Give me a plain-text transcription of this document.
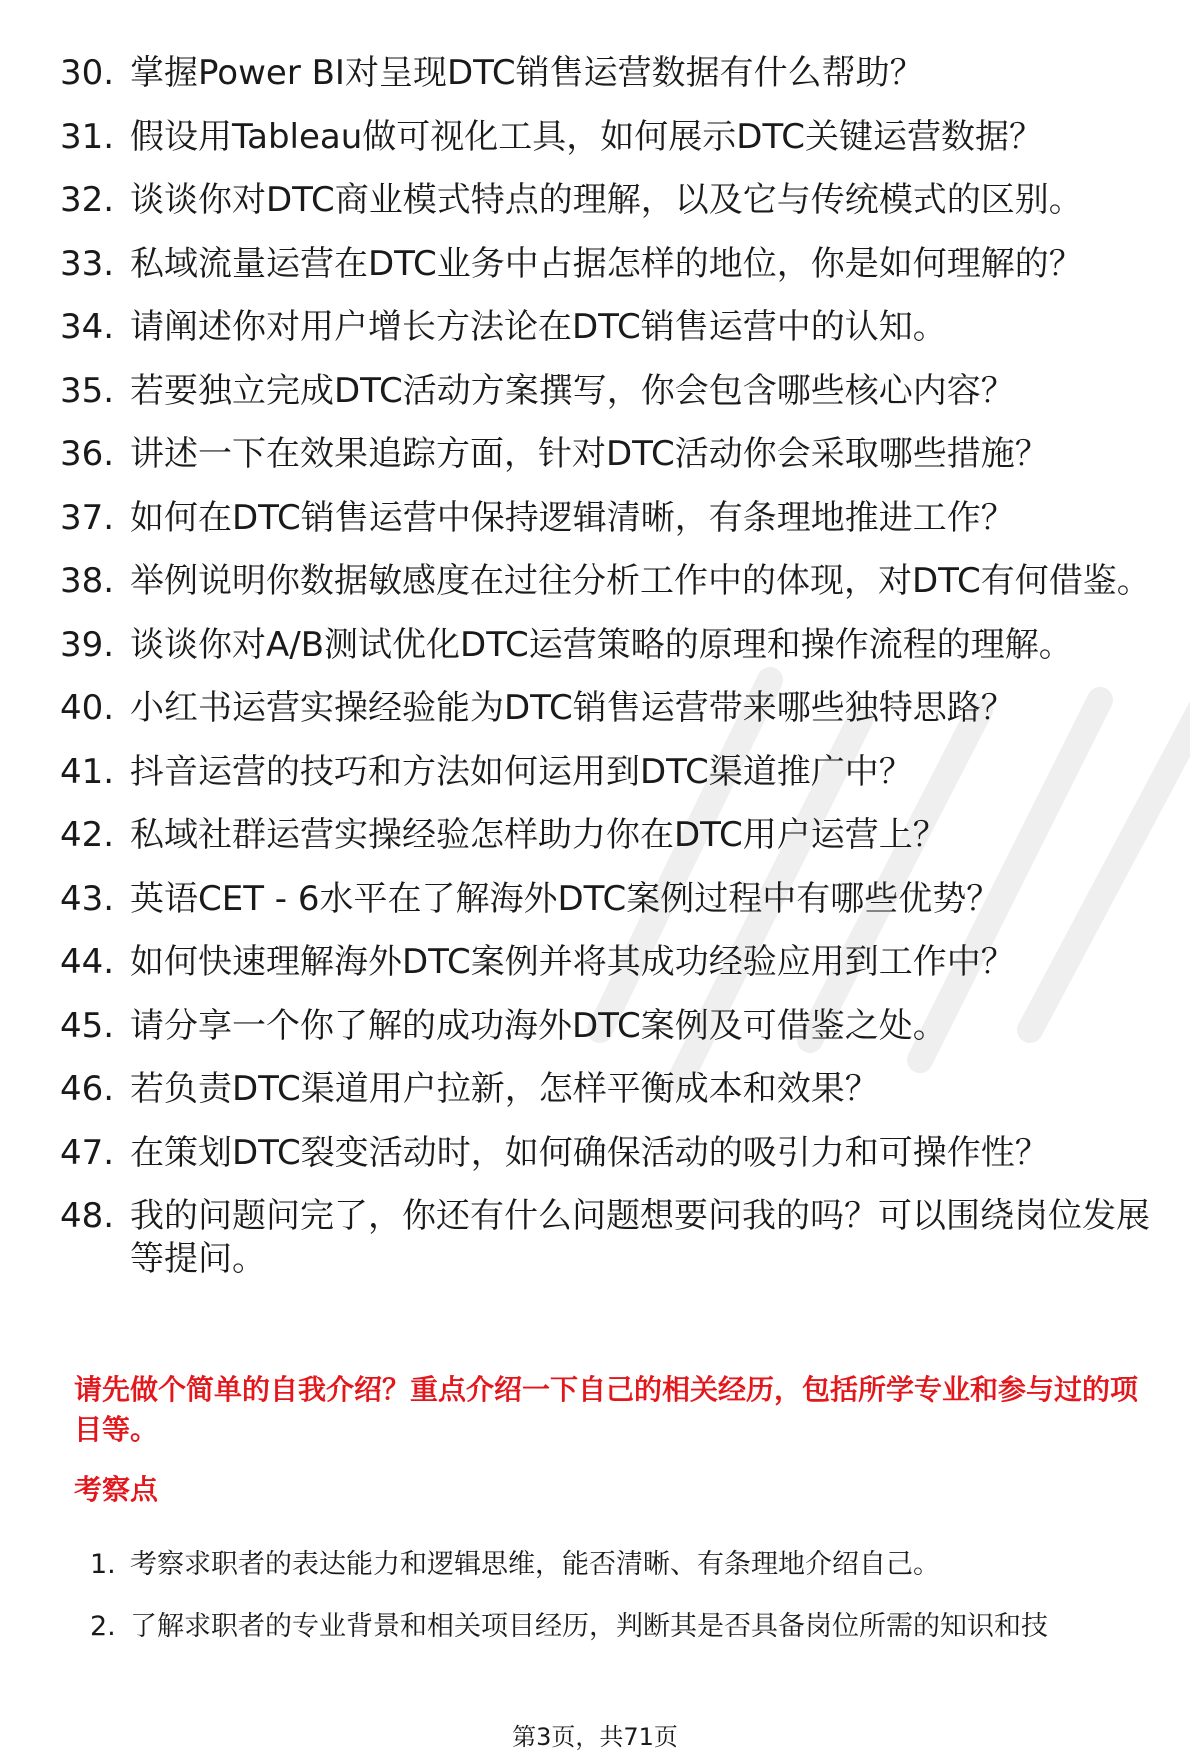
30. 掌握Power BI对呈现DTC销售运营数据有什么帮助？
31. 假设用Tableau做可视化工具，如何展示DTC关键运营数据？
32. 谈谈你对DTC商业模式特点的理解，以及它与传统模式的区别。
33. 私域流量运营在DTC业务中占据怎样的地位，你是如何理解的？
34. 请阐述你对用户增长方法论在DTC销售运营中的认知。
35. 若要独立完成DTC活动方案撰写，你会包含哪些核心内容？
36. 讲述一下在效果追踪方面，针对DTC活动你会采取哪些措施？
37. 如何在DTC销售运营中保持逻辑清晰，有条理地推进工作？
38. 举例说明你数据敏感度在过往分析工作中的体现，对DTC有何借鉴。
39. 谈谈你对A/B测试优化DTC运营策略的原理和操作流程的理解。
40. 小红书运营实操经验能为DTC销售运营带来哪些独特思路？
41. 抖音运营的技巧和方法如何运用到DTC渠道推广中？
42. 私域社群运营实操经验怎样助力你在DTC用户运营上？
43. 英语CET - 6水平在了解海外DTC案例过程中有哪些优势？
44. 如何快速理解海外DTC案例并将其成功经验应用到工作中？
45. 请分享一个你了解的成功海外DTC案例及可借鉴之处。
46. 若负责DTC渠道用户拉新，怎样平衡成本和效果？
47. 在策划DTC裂变活动时，如何确保活动的吸引力和可操作性？
48. 我的问题问完了，你还有什么问题想要问我的吗？可以围绕岗位发展等提问。

请先做个简单的自我介绍？重点介绍一下自己的相关经历，包括所学专业和参与过的项目等。

考察点

1. 考察求职者的表达能力和逻辑思维，能否清晰、有条理地介绍自己。
2. 了解求职者的专业背景和相关项目经历，判断其是否具备岗位所需的知识和技
第3页，共71页
